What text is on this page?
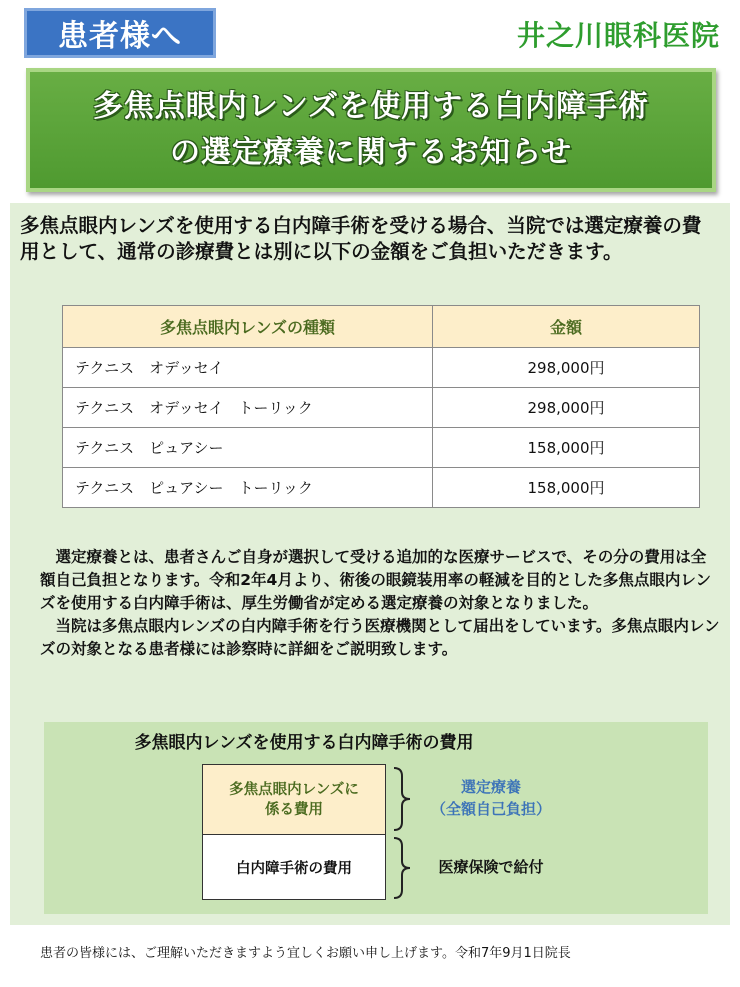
患者様へ	井之川眼科医院
多焦点眼内レンズを使用する白内障手術
の選定療養に関するお知らせ
多焦点眼内レンズを使用する白内障手術を受ける場合、当院では選定療養の費用として、通常の診療費とは別に以下の金額をご負担いただきます。
多焦点眼内レンズの種類	金額
テクニス　オデッセイ	298,000円
テクニス　オデッセイ　トーリック	298,000円
テクニス　ピュアシー	158,000円
テクニス　ピュアシー　トーリック	158,000円

選定療養とは、患者さんご自身が選択して受ける追加的な医療サービスで、その分の費用は全額自己負担となります。令和2年4月より、術後の眼鏡装用率の軽減を目的とした多焦点眼内レンズを使用する白内障手術は、厚生労働省が定める選定療養の対象となりました。

当院は多焦点眼内レンズの白内障手術を行う医療機関として届出をしています。多焦点眼内レンズの対象となる患者様には診察時に詳細をご説明致します。

多焦眼内レンズを使用する白内障手術の費用
多焦点眼内レンズに
係る費用
白内障手術の費用
選定療養
（全額自己負担）
医療保険で給付
患者の皆様には、ご理解いただきますよう宜しくお願い申し上げます。令和7年9月1日院長
